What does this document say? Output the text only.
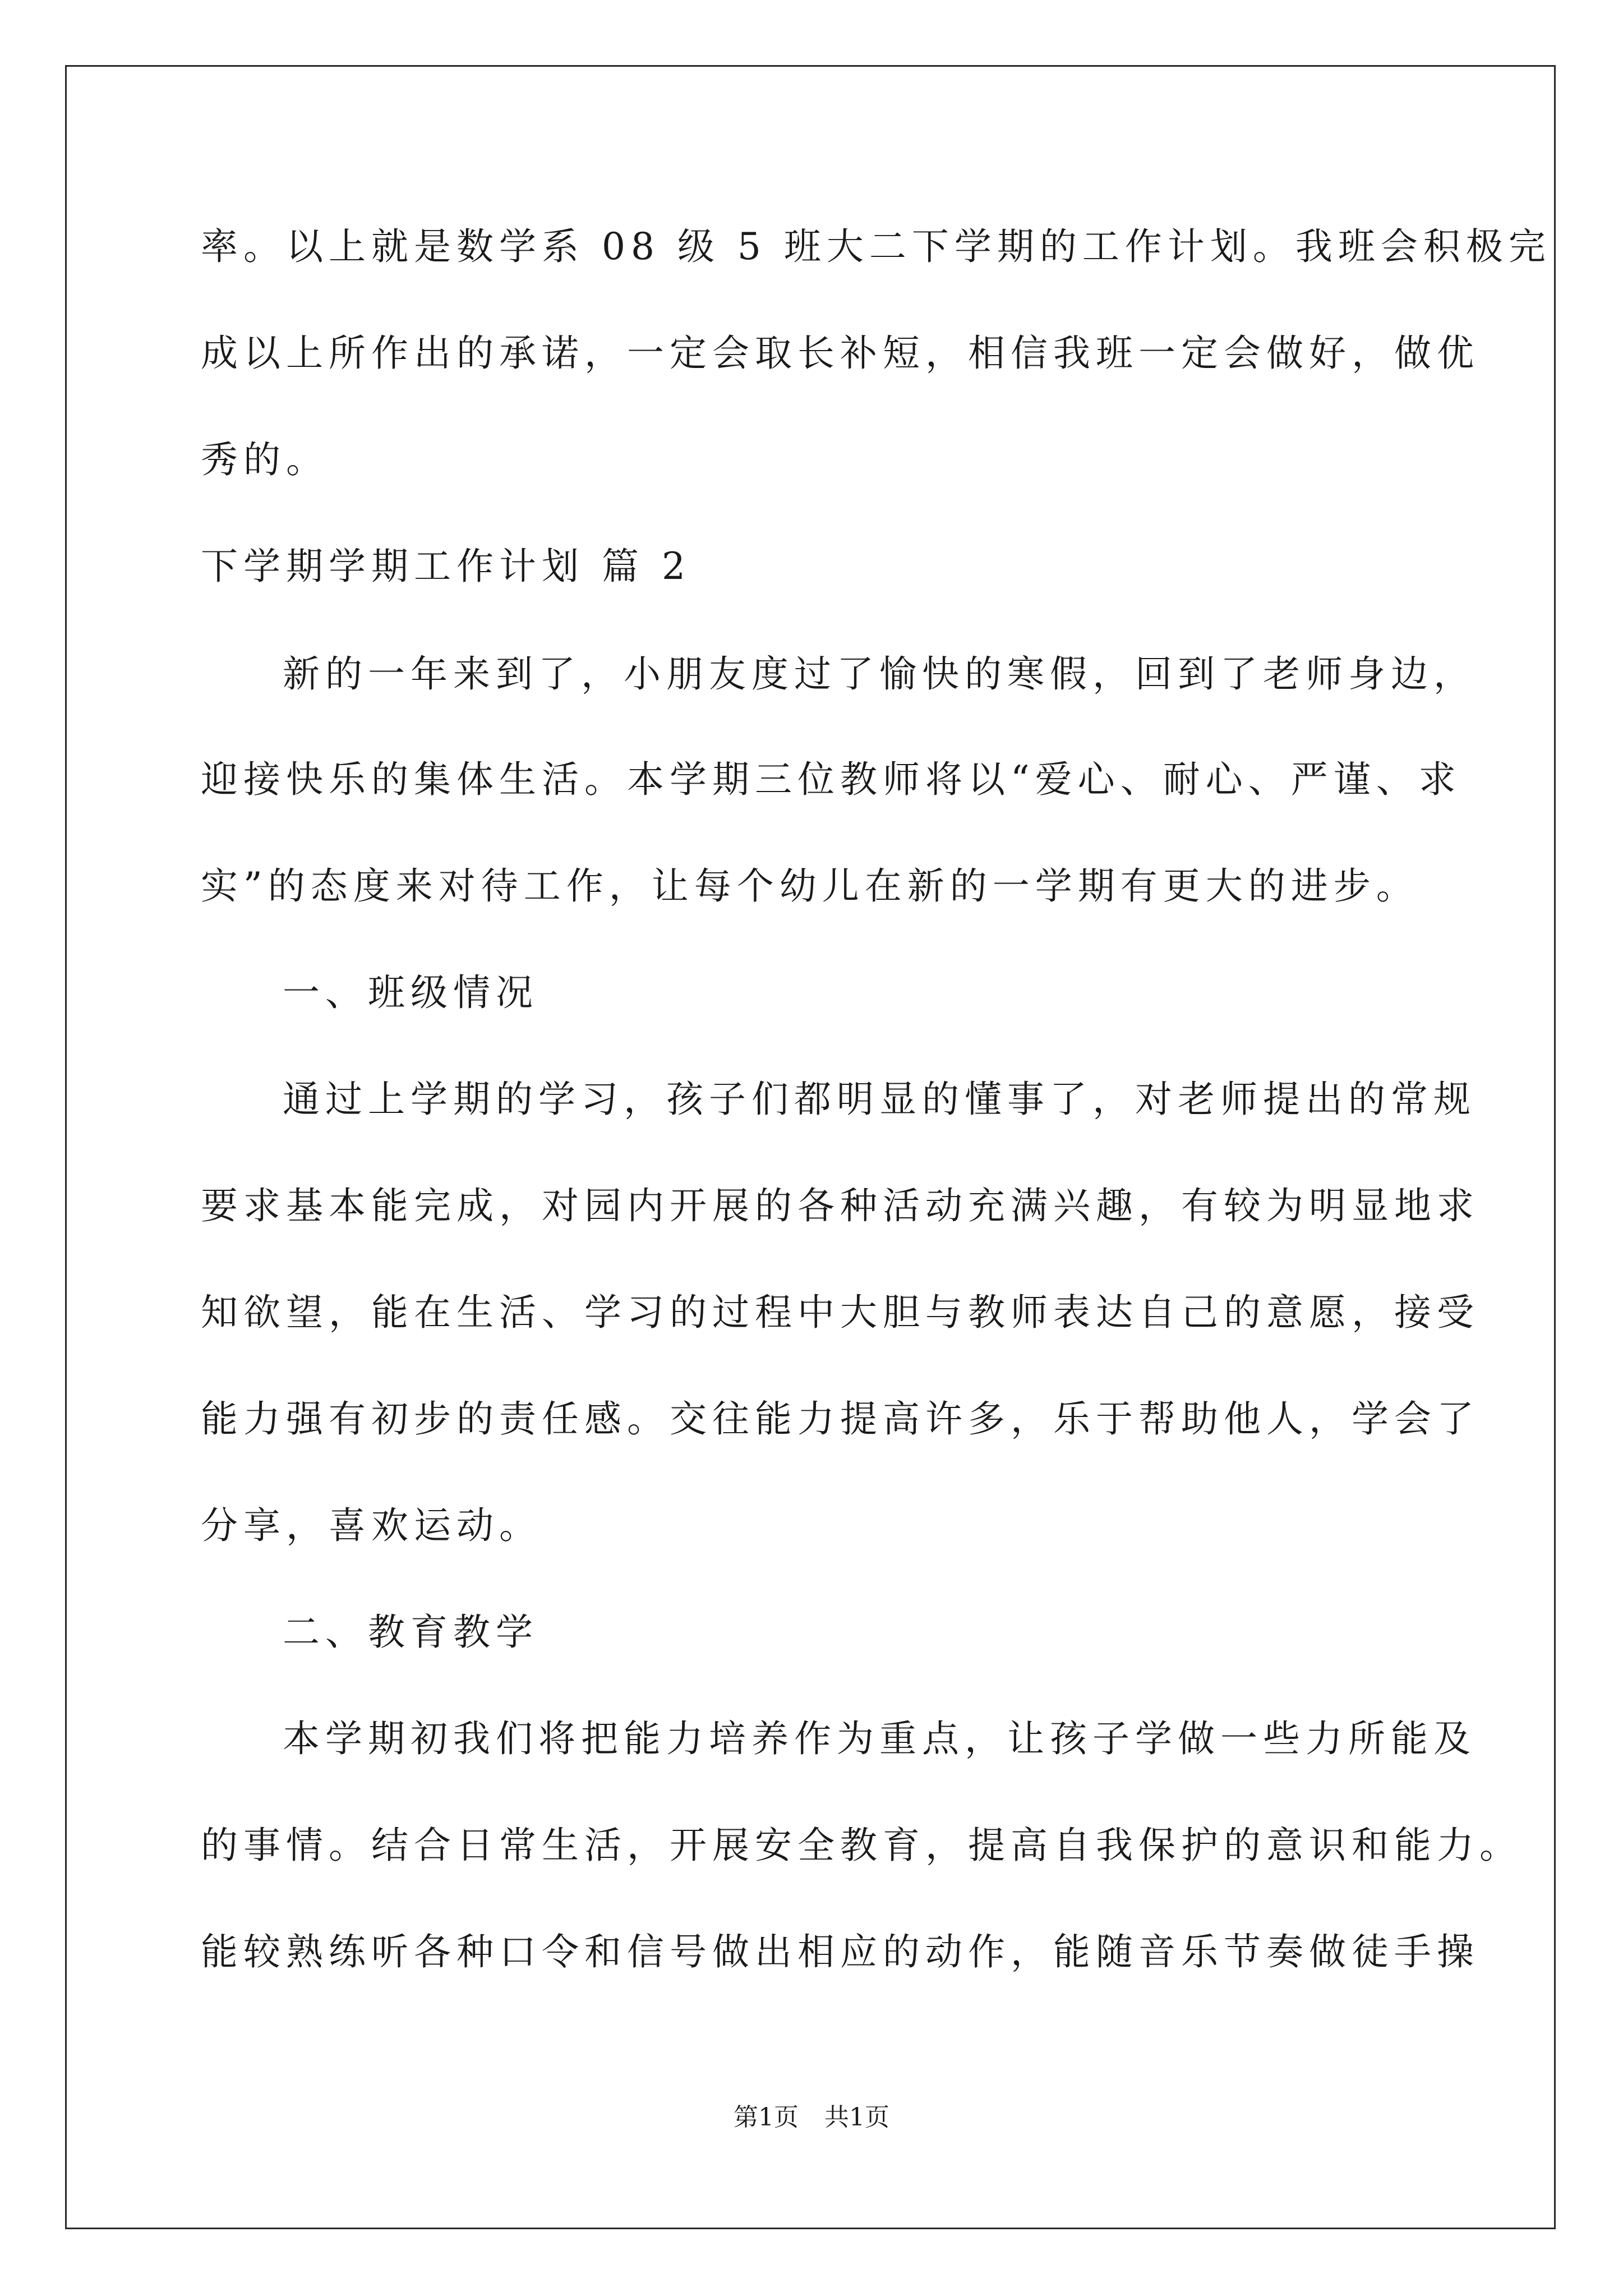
率。以上就是数学系 08 级 5 班大二下学期的工作计划。我班会积极完
成以上所作出的承诺，一定会取长补短，相信我班一定会做好，做优
秀的。
下学期学期工作计划 篇 2
新的一年来到了，小朋友度过了愉快的寒假，回到了老师身边，
迎接快乐的集体生活。本学期三位教师将以“爱心、耐心、严谨、求
实”的态度来对待工作，让每个幼儿在新的一学期有更大的进步。
一、班级情况
通过上学期的学习，孩子们都明显的懂事了，对老师提出的常规
要求基本能完成，对园内开展的各种活动充满兴趣，有较为明显地求
知欲望，能在生活、学习的过程中大胆与教师表达自己的意愿，接受
能力强有初步的责任感。交往能力提高许多，乐于帮助他人，学会了
分享，喜欢运动。
二、教育教学
本学期初我们将把能力培养作为重点，让孩子学做一些力所能及
的事情。结合日常生活，开展安全教育，提高自我保护的意识和能力。
能较熟练听各种口令和信号做出相应的动作，能随音乐节奏做徒手操
第1页 共1页
